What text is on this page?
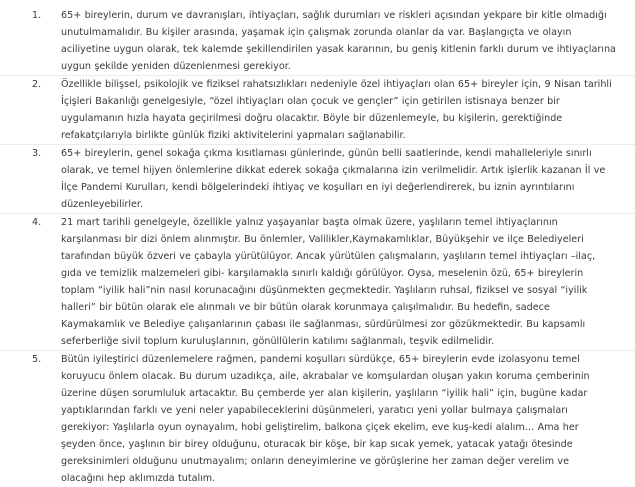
1.	65+ bireylerin, durum ve davranışları, ihtiyaçları, sağlık durumları ve riskleri açısından yekpare bir kitle olmadığı
unutulmamalıdır. Bu kişiler arasında, yaşamak için çalışmak zorunda olanlar da var. Başlangıçta ve olayın
aciliyetine uygun olarak, tek kalemde şekillendirilen yasak kararının, bu geniş kitlenin farklı durum ve ihtiyaçlarına
uygun şekilde yeniden düzenlenmesi gerekiyor.

2.	Özellikle bilişsel, psikolojik ve fiziksel rahatsızlıkları nedeniyle özel ihtiyaçları olan 65+ bireyler için, 9 Nisan tarihli
İçişleri Bakanlığı genelgesiyle, “özel ihtiyaçları olan çocuk ve gençler” için getirilen istisnaya benzer bir
uygulamanın hızla hayata geçirilmesi doğru olacaktır. Böyle bir düzenlemeyle, bu kişilerin, gerektiğinde
refakatçılarıyla birlikte günlük fiziki aktivitelerini yapmaları sağlanabilir.

3.	65+ bireylerin, genel sokağa çıkma kısıtlaması günlerinde, günün belli saatlerinde, kendi mahalleleriyle sınırlı
olarak, ve temel hijyen önlemlerine dikkat ederek sokağa çıkmalarına izin verilmelidir. Artık işlerlik kazanan İl ve
İlçe Pandemi Kurulları, kendi bölgelerindeki ihtiyaç ve koşulları en iyi değerlendirerek, bu iznin ayrıntılarını
düzenleyebilirler.

4.	21 mart tarihli genelgeyle, özellikle yalnız yaşayanlar başta olmak üzere, yaşlıların temel ihtiyaçlarının
karşılanması bir dizi önlem alınmıştır. Bu önlemler, Valilikler,Kaymakamlıklar, Büyükşehir ve ilçe Belediyeleri
tarafından büyük özveri ve çabayla yürütülüyor. Ancak yürütülen çalışmaların, yaşlıların temel ihtiyaçları –ilaç,
gıda ve temizlik malzemeleri gibi- karşılamakla sınırlı kaldığı görülüyor. Oysa, meselenin özü, 65+ bireylerin
toplam “iyilik hali”nin nasıl korunacağını düşünmekten geçmektedir. Yaşlıların ruhsal, fiziksel ve sosyal “iyilik
halleri” bir bütün olarak ele alınmalı ve bir bütün olarak korunmaya çalışılmalıdır. Bu hedefin, sadece
Kaymakamlık ve Belediye çalışanlarının çabası ile sağlanması, sürdürülmesi zor gözükmektedir. Bu kapsamlı
seferberliğe sivil toplum kuruluşlarının, gönüllülerin katılımı sağlanmalı, teşvik edilmelidir.

5.	Bütün iyileştirici düzenlemelere rağmen, pandemi koşulları sürdükçe, 65+ bireylerin evde izolasyonu temel
koruyucu önlem olacak. Bu durum uzadıkça, aile, akrabalar ve komşulardan oluşan yakın koruma çemberinin
üzerine düşen sorumluluk artacaktır. Bu çemberde yer alan kişilerin, yaşlıların “iyilik hali” için, bugüne kadar
yaptıklarından farklı ve yeni neler yapabileceklerini düşünmeleri, yaratıcı yeni yollar bulmaya çalışmaları
gerekiyor: Yaşlılarla oyun oynayalım, hobi geliştirelim, balkona çiçek ekelim, eve kuş-kedi alalım… Ama her
şeyden önce, yaşlının bir birey olduğunu, oturacak bir köşe, bir kap sıcak yemek, yatacak yatağı ötesinde
gereksinimleri olduğunu unutmayalım; onların deneyimlerine ve görüşlerine her zaman değer verelim ve
olacağını hep aklımızda tutalım.
